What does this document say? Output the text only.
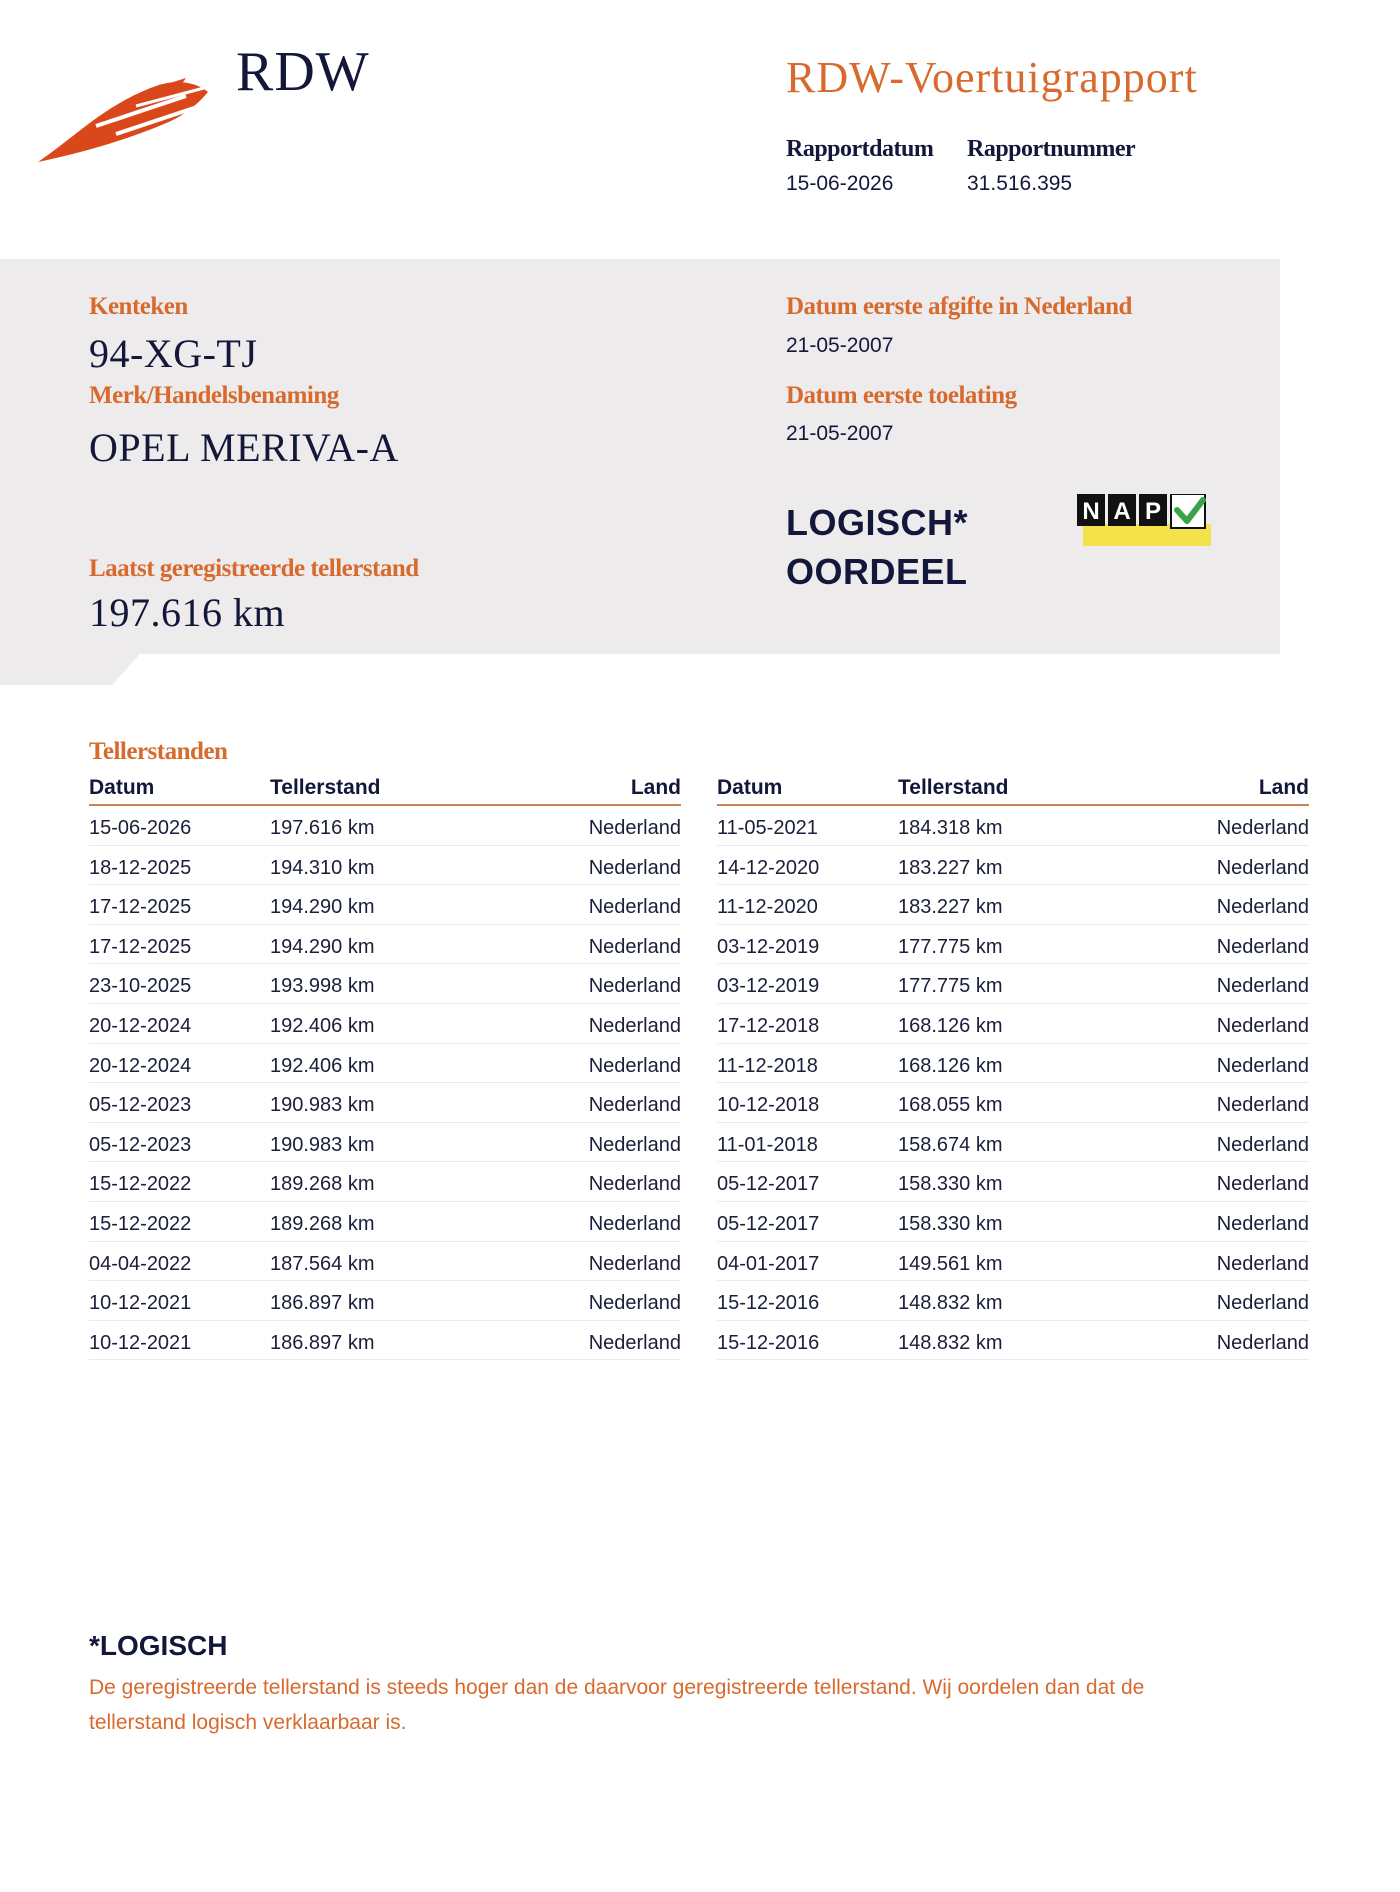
RDW	RDW-Voertuigrapport
Rapportdatum
15-06-2026
Rapportnummer
31.516.395
Kenteken
94-XG-TJ
Merk/Handelsbenaming
OPEL MERIVA-A
Laatst geregistreerde tellerstand
197.616 km
Datum eerste afgifte in Nederland
21-05-2007
Datum eerste toelating
21-05-2007
LOGISCH*
OORDEEL
N A P
Tellerstanden
Datum	Tellerstand	Land
15-06-2026	197.616 km	Nederland
18-12-2025	194.310 km	Nederland
17-12-2025	194.290 km	Nederland
17-12-2025	194.290 km	Nederland
23-10-2025	193.998 km	Nederland
20-12-2024	192.406 km	Nederland
20-12-2024	192.406 km	Nederland
05-12-2023	190.983 km	Nederland
05-12-2023	190.983 km	Nederland
15-12-2022	189.268 km	Nederland
15-12-2022	189.268 km	Nederland
04-04-2022	187.564 km	Nederland
10-12-2021	186.897 km	Nederland
10-12-2021	186.897 km	Nederland
Datum	Tellerstand	Land
11-05-2021	184.318 km	Nederland
14-12-2020	183.227 km	Nederland
11-12-2020	183.227 km	Nederland
03-12-2019	177.775 km	Nederland
03-12-2019	177.775 km	Nederland
17-12-2018	168.126 km	Nederland
11-12-2018	168.126 km	Nederland
10-12-2018	168.055 km	Nederland
11-01-2018	158.674 km	Nederland
05-12-2017	158.330 km	Nederland
05-12-2017	158.330 km	Nederland
04-01-2017	149.561 km	Nederland
15-12-2016	148.832 km	Nederland
15-12-2016	148.832 km	Nederland
*LOGISCH
De geregistreerde tellerstand is steeds hoger dan de daarvoor geregistreerde tellerstand. Wij oordelen dan dat de tellerstand logisch verklaarbaar is.
